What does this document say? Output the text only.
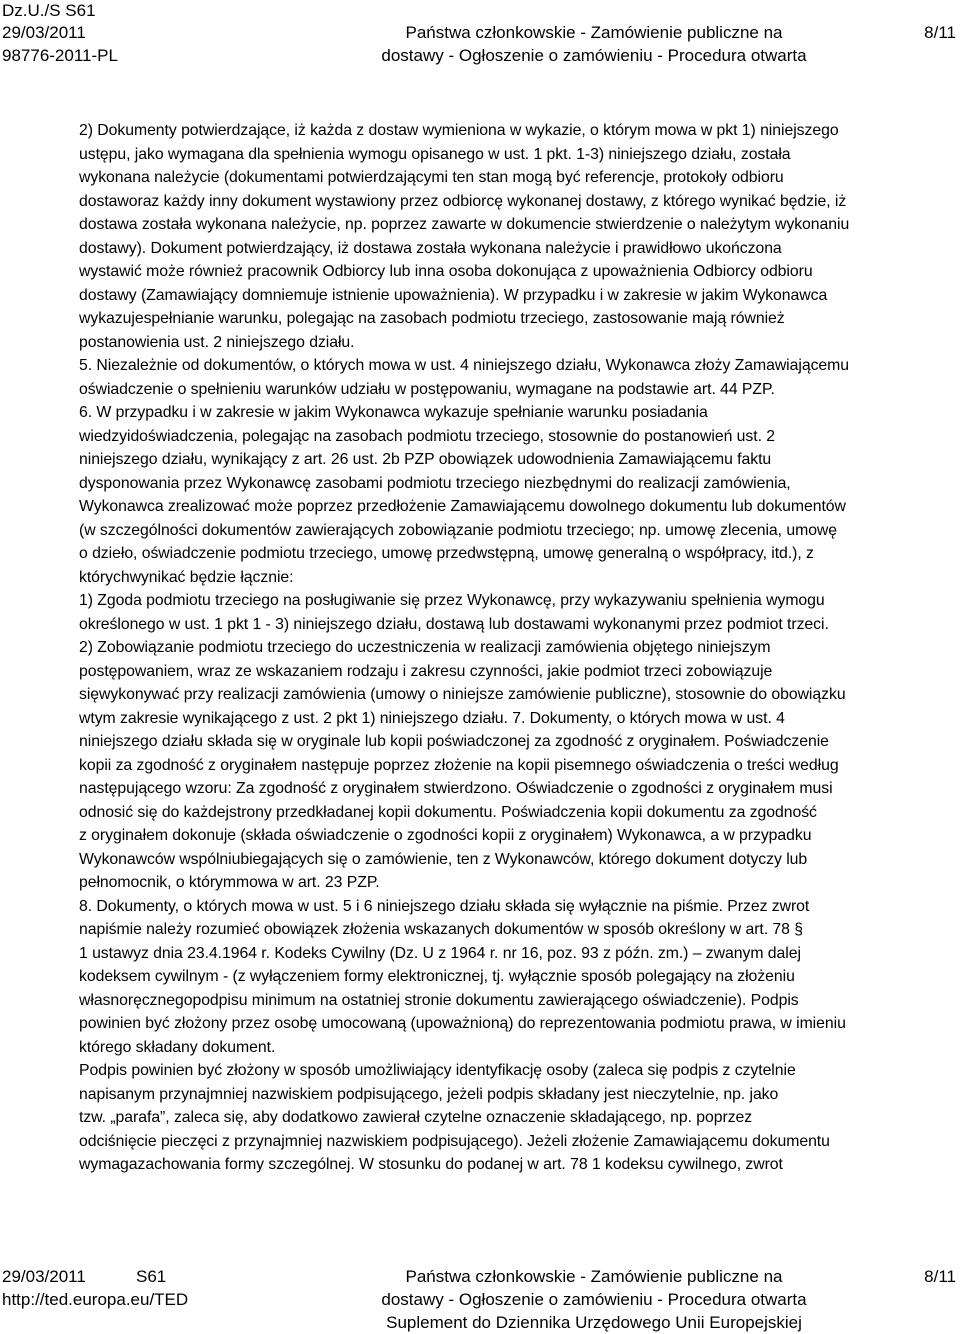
Dz.U./S S61
29/03/2011
98776-2011-PL
Państwa członkowskie - Zamówienie publiczne na
dostawy - Ogłoszenie o zamówieniu - Procedura otwarta
8/11

2) Dokumenty potwierdzające, iż każda z dostaw wymieniona w wykazie, o którym mowa w pkt 1) niniejszego

ustępu, jako wymagana dla spełnienia wymogu opisanego w ust. 1 pkt. 1-3) niniejszego działu, została

wykonana należycie (dokumentami potwierdzającymi ten stan mogą być referencje, protokoły odbioru

dostaworaz każdy inny dokument wystawiony przez odbiorcę wykonanej dostawy, z którego wynikać będzie, iż

dostawa została wykonana należycie, np. poprzez zawarte w dokumencie stwierdzenie o należytym wykonaniu

dostawy). Dokument potwierdzający, iż dostawa została wykonana należycie i prawidłowo ukończona

wystawić może również pracownik Odbiorcy lub inna osoba dokonująca z upoważnienia Odbiorcy odbioru

dostawy (Zamawiający domniemuje istnienie upoważnienia). W przypadku i w zakresie w jakim Wykonawca

wykazujespełnianie warunku, polegając na zasobach podmiotu trzeciego, zastosowanie mają również

postanowienia ust. 2 niniejszego działu.

5. Niezależnie od dokumentów, o których mowa w ust. 4 niniejszego działu, Wykonawca złoży Zamawiającemu

oświadczenie o spełnieniu warunków udziału w postępowaniu, wymagane na podstawie art. 44 PZP.

6. W przypadku i w zakresie w jakim Wykonawca wykazuje spełnianie warunku posiadania

wiedzyidoświadczenia, polegając na zasobach podmiotu trzeciego, stosownie do postanowień ust. 2

niniejszego działu, wynikający z art. 26 ust. 2b PZP obowiązek udowodnienia Zamawiającemu faktu

dysponowania przez Wykonawcę zasobami podmiotu trzeciego niezbędnymi do realizacji zamówienia,

Wykonawca zrealizować może poprzez przedłożenie Zamawiającemu dowolnego dokumentu lub dokumentów

(w szczególności dokumentów zawierających zobowiązanie podmiotu trzeciego; np. umowę zlecenia, umowę

o dzieło, oświadczenie podmiotu trzeciego, umowę przedwstępną, umowę generalną o współpracy, itd.), z

którychwynikać będzie łącznie:

1) Zgoda podmiotu trzeciego na posługiwanie się przez Wykonawcę, przy wykazywaniu spełnienia wymogu

określonego w ust. 1 pkt 1 - 3) niniejszego działu, dostawą lub dostawami wykonanymi przez podmiot trzeci.

2) Zobowiązanie podmiotu trzeciego do uczestniczenia w realizacji zamówienia objętego niniejszym

postępowaniem, wraz ze wskazaniem rodzaju i zakresu czynności, jakie podmiot trzeci zobowiązuje

sięwykonywać przy realizacji zamówienia (umowy o niniejsze zamówienie publiczne), stosownie do obowiązku

wtym zakresie wynikającego z ust. 2 pkt 1) niniejszego działu. 7. Dokumenty, o których mowa w ust. 4

niniejszego działu składa się w oryginale lub kopii poświadczonej za zgodność z oryginałem. Poświadczenie

kopii za zgodność z oryginałem następuje poprzez złożenie na kopii pisemnego oświadczenia o treści według

następującego wzoru: Za zgodność z oryginałem stwierdzono. Oświadczenie o zgodności z oryginałem musi

odnosić się do każdejstrony przedkładanej kopii dokumentu. Poświadczenia kopii dokumentu za zgodność

z oryginałem dokonuje (składa oświadczenie o zgodności kopii z oryginałem) Wykonawca, a w przypadku

Wykonawców wspólniubiegających się o zamówienie, ten z Wykonawców, którego dokument dotyczy lub

pełnomocnik, o którymmowa w art. 23 PZP.

8. Dokumenty, o których mowa w ust. 5 i 6 niniejszego działu składa się wyłącznie na piśmie. Przez zwrot

napiśmie należy rozumieć obowiązek złożenia wskazanych dokumentów w sposób określony w art. 78 §

1 ustawyz dnia 23.4.1964 r. Kodeks Cywilny (Dz. U z 1964 r. nr 16, poz. 93 z późn. zm.) – zwanym dalej

kodeksem cywilnym - (z wyłączeniem formy elektronicznej, tj. wyłącznie sposób polegający na złożeniu

własnoręcznegopodpisu minimum na ostatniej stronie dokumentu zawierającego oświadczenie). Podpis

powinien być złożony przez osobę umocowaną (upoważnioną) do reprezentowania podmiotu prawa, w imieniu

którego składany dokument.

Podpis powinien być złożony w sposób umożliwiający identyfikację osoby (zaleca się podpis z czytelnie

napisanym przynajmniej nazwiskiem podpisującego, jeżeli podpis składany jest nieczytelnie, np. jako

tzw. „parafa”, zaleca się, aby dodatkowo zawierał czytelne oznaczenie składającego, np. poprzez

odciśnięcie pieczęci z przynajmniej nazwiskiem podpisującego). Jeżeli złożenie Zamawiającemu dokumentu

wymagazachowania formy szczególnej. W stosunku do podanej w art. 78 1 kodeksu cywilnego, zwrot

29/03/2011	S61
http://ted.europa.eu/TED
Państwa członkowskie - Zamówienie publiczne na
dostawy - Ogłoszenie o zamówieniu - Procedura otwarta
Suplement do Dziennika Urzędowego Unii Europejskiej
8/11
